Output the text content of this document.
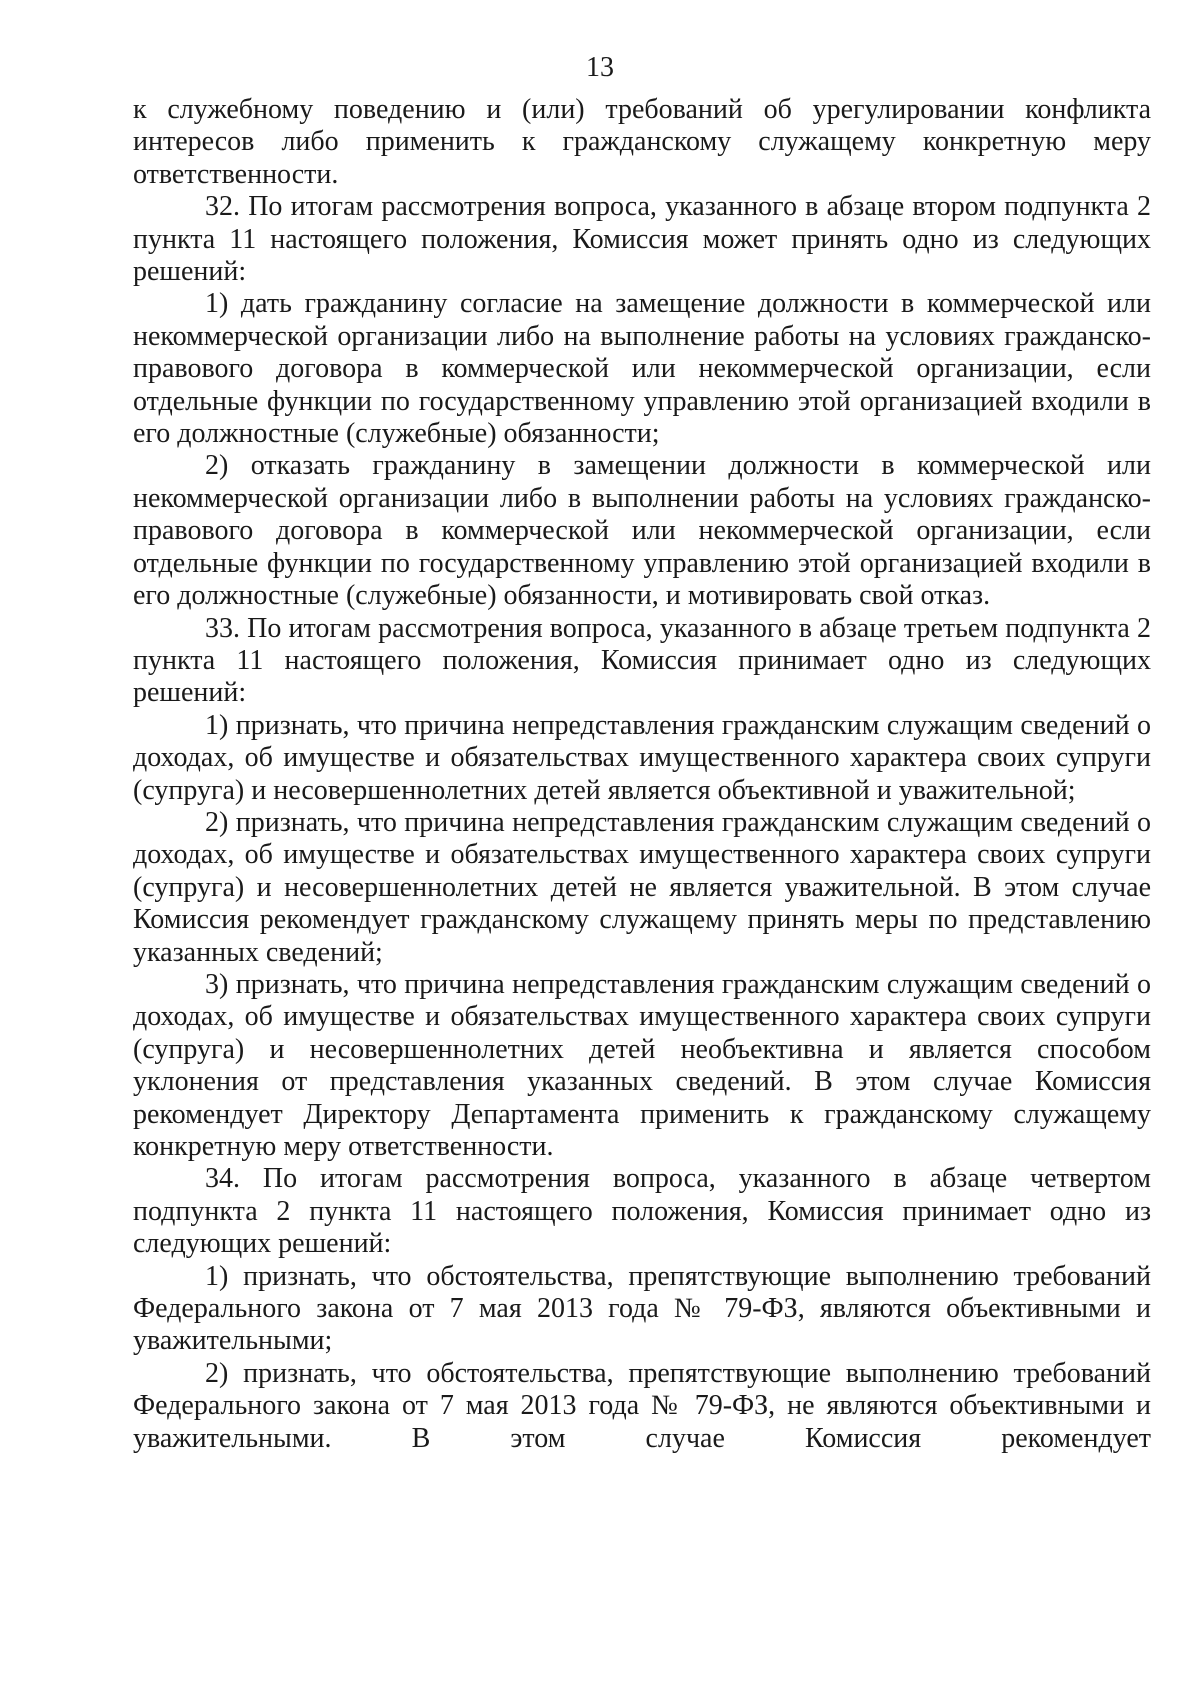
13

к служебному поведению и (или) требований об урегулировании конфликта интересов либо применить к гражданскому служащему конкретную меру ответственности.

32. По итогам рассмотрения вопроса, указанного в абзаце втором подпункта 2 пункта 11 настоящего положения, Комиссия может принять одно из следующих решений:

1) дать гражданину согласие на замещение должности в коммерческой или некоммерческой организации либо на выполнение работы на условиях гражданско-правового договора в коммерческой или некоммерческой организации, если отдельные функции по государственному управлению этой организацией входили в его должностные (служебные) обязанности;

2) отказать гражданину в замещении должности в коммерческой или некоммерческой организации либо в выполнении работы на условиях гражданско-правового договора в коммерческой или некоммерческой организации, если отдельные функции по государственному управлению этой организацией входили в его должностные (служебные) обязанности, и мотивировать свой отказ.

33. По итогам рассмотрения вопроса, указанного в абзаце третьем подпункта 2 пункта 11 настоящего положения, Комиссия принимает одно из следующих решений:

1) признать, что причина непредставления гражданским служащим сведений о доходах, об имуществе и обязательствах имущественного характера своих супруги (супруга) и несовершеннолетних детей является объективной и уважительной;

2) признать, что причина непредставления гражданским служащим сведений о доходах, об имуществе и обязательствах имущественного характера своих супруги (супруга) и несовершеннолетних детей не является уважительной. В этом случае Комиссия рекомендует гражданскому служащему принять меры по представлению указанных сведений;

3) признать, что причина непредставления гражданским служащим сведений о доходах, об имуществе и обязательствах имущественного характера своих супруги (супруга) и несовершеннолетних детей необъективна и является способом уклонения от представления указанных сведений. В этом случае Комиссия рекомендует Директору Департамента применить к гражданскому служащему конкретную меру ответственности.

34. По итогам рассмотрения вопроса, указанного в абзаце четвертом подпункта 2 пункта 11 настоящего положения, Комиссия принимает одно из следующих решений:

1) признать, что обстоятельства, препятствующие выполнению требований Федерального закона от 7 мая 2013 года № 79-ФЗ, являются объективными и уважительными;

2) признать, что обстоятельства, препятствующие выполнению требований Федерального закона от 7 мая 2013 года № 79-ФЗ, не являются объективными и уважительными. В этом случае Комиссия рекомендует
